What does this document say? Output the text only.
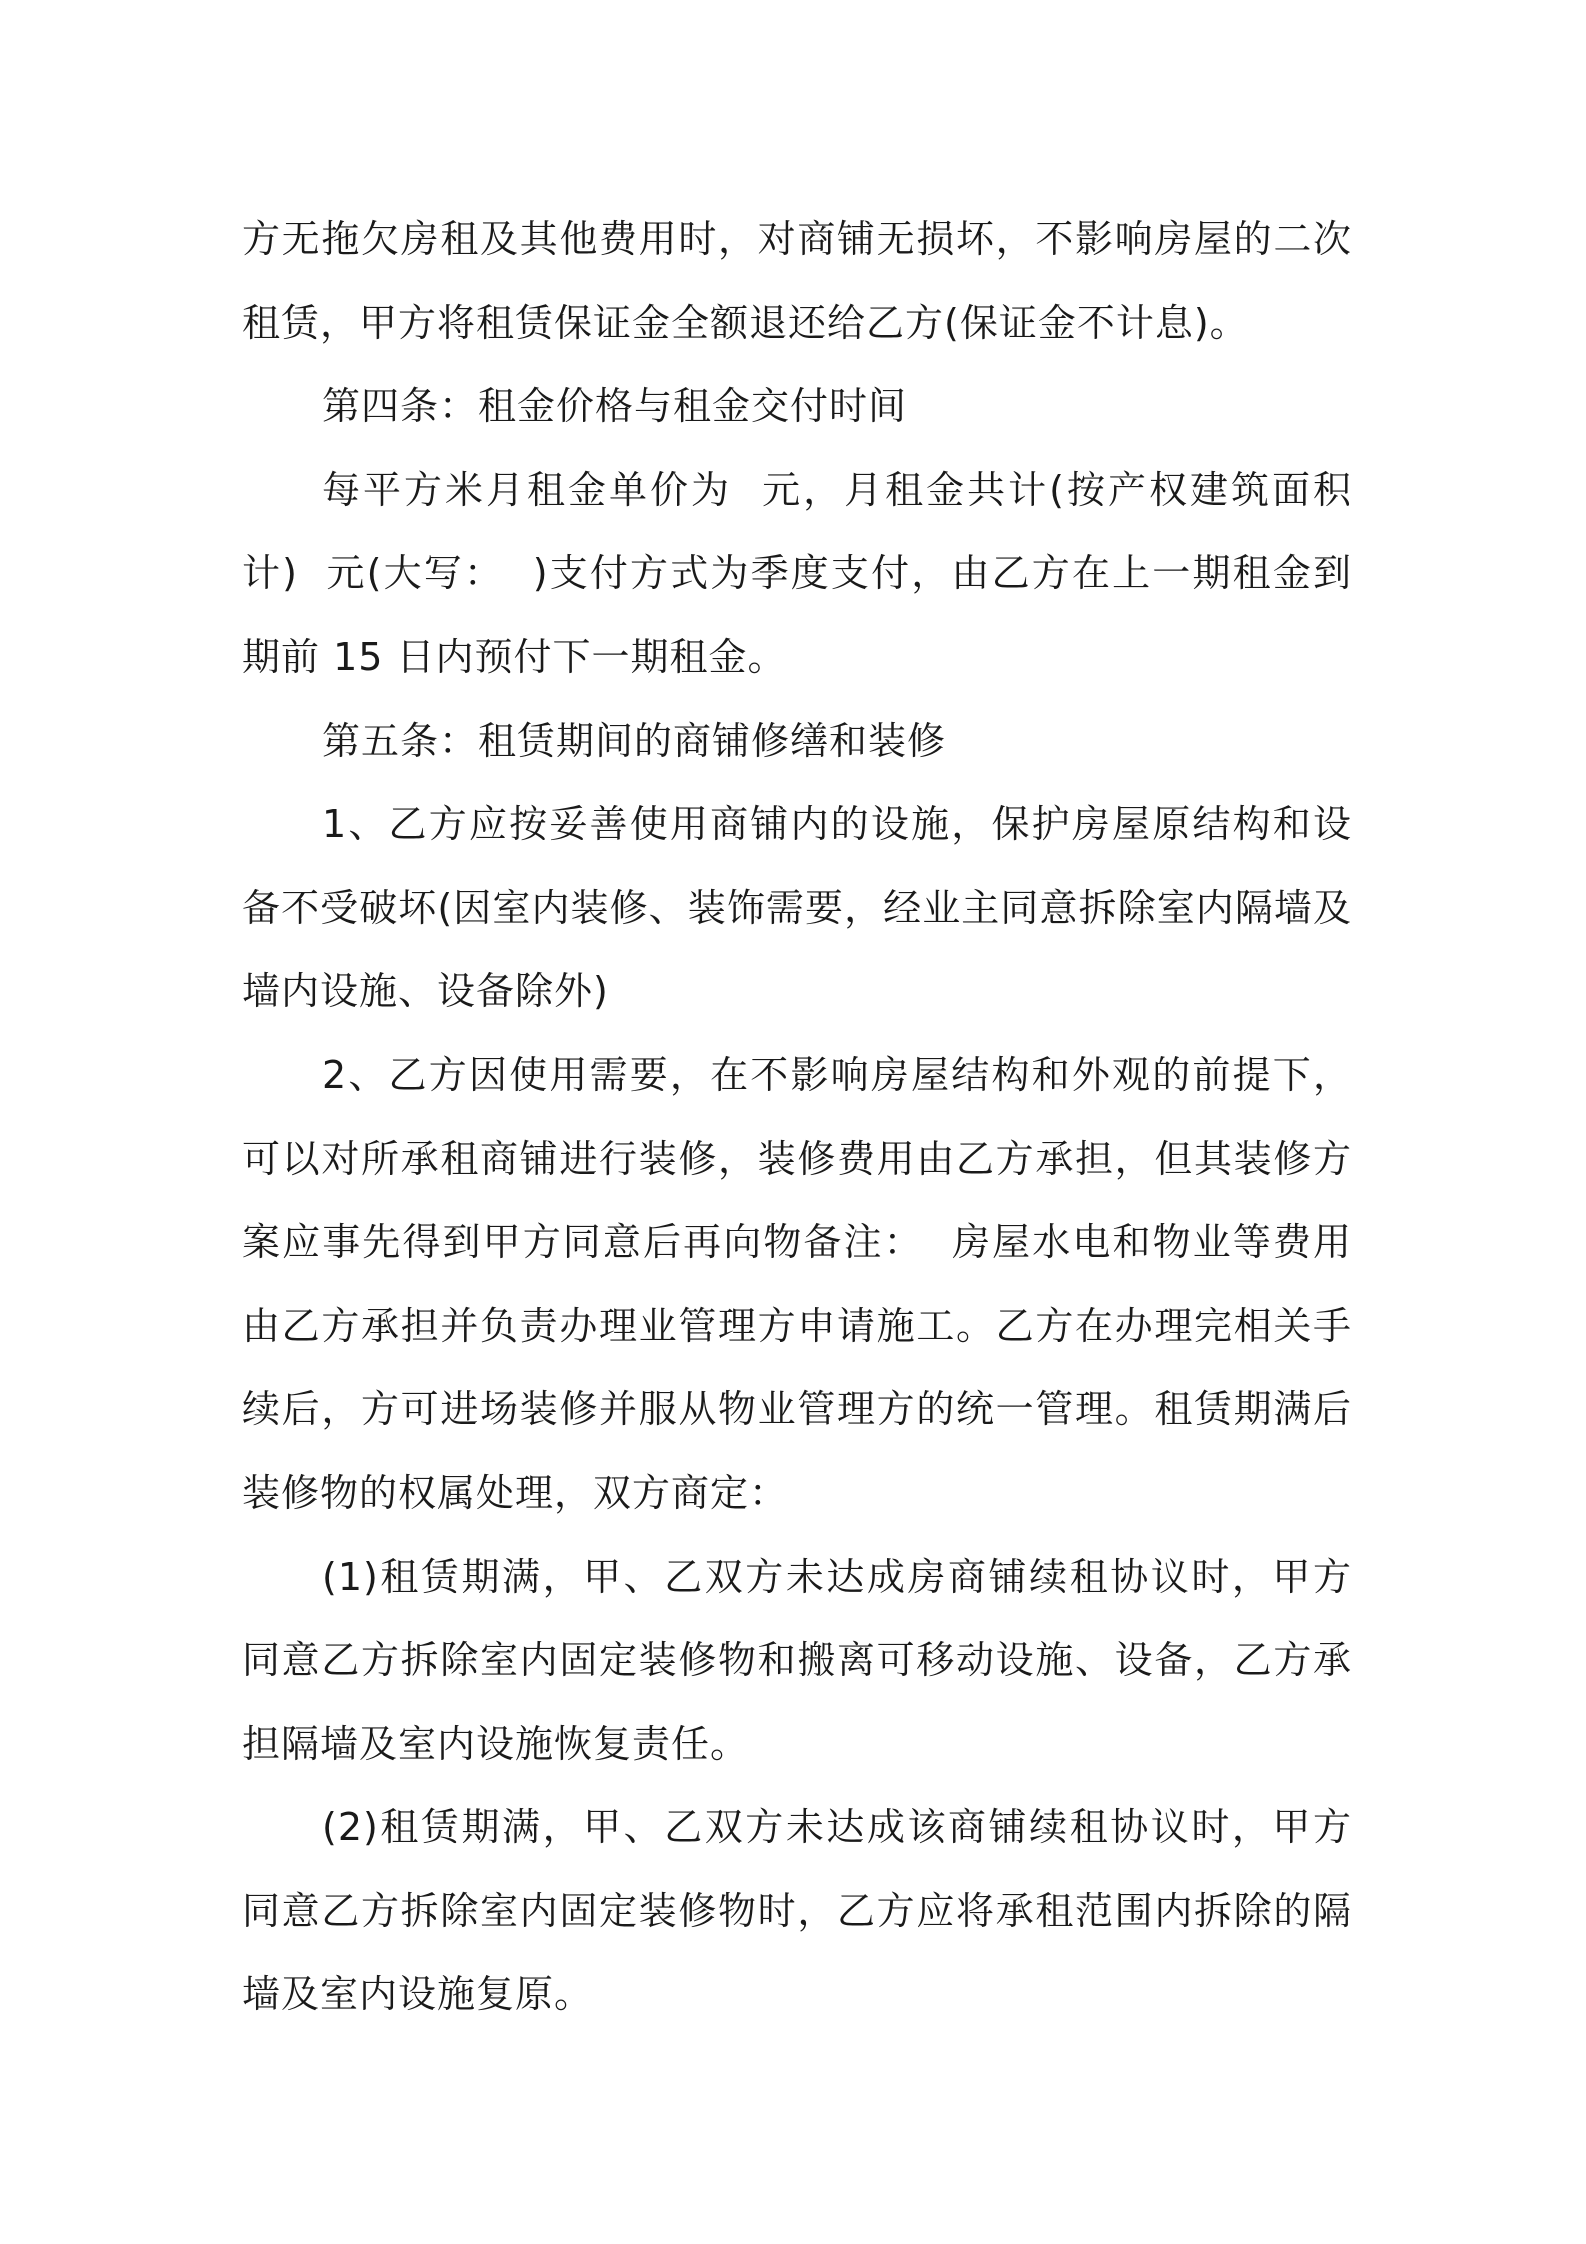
方无拖欠房租及其他费用时，对商铺无损坏，不影响房屋的二次租赁，甲方将租赁保证金全额退还给乙方(保证金不计息)。

第四条：租金价格与租金交付时间

每平方米月租金单价为  元，月租金共计(按产权建筑面积计)  元(大写：  )支付方式为季度支付，由乙方在上一期租金到期前 15 日内预付下一期租金。

第五条：租赁期间的商铺修缮和装修

1、乙方应按妥善使用商铺内的设施，保护房屋原结构和设备不受破坏(因室内装修、装饰需要，经业主同意拆除室内隔墙及墙内设施、设备除外)

2、乙方因使用需要，在不影响房屋结构和外观的前提下，可以对所承租商铺进行装修，装修费用由乙方承担，但其装修方案应事先得到甲方同意后再向物备注：  房屋水电和物业等费用由乙方承担并负责办理业管理方申请施工。乙方在办理完相关手续后，方可进场装修并服从物业管理方的统一管理。租赁期满后装修物的权属处理，双方商定：

(1)租赁期满，甲、乙双方未达成房商铺续租协议时，甲方同意乙方拆除室内固定装修物和搬离可移动设施、设备，乙方承担隔墙及室内设施恢复责任。

(2)租赁期满，甲、乙双方未达成该商铺续租协议时，甲方同意乙方拆除室内固定装修物时，乙方应将承租范围内拆除的隔墙及室内设施复原。
